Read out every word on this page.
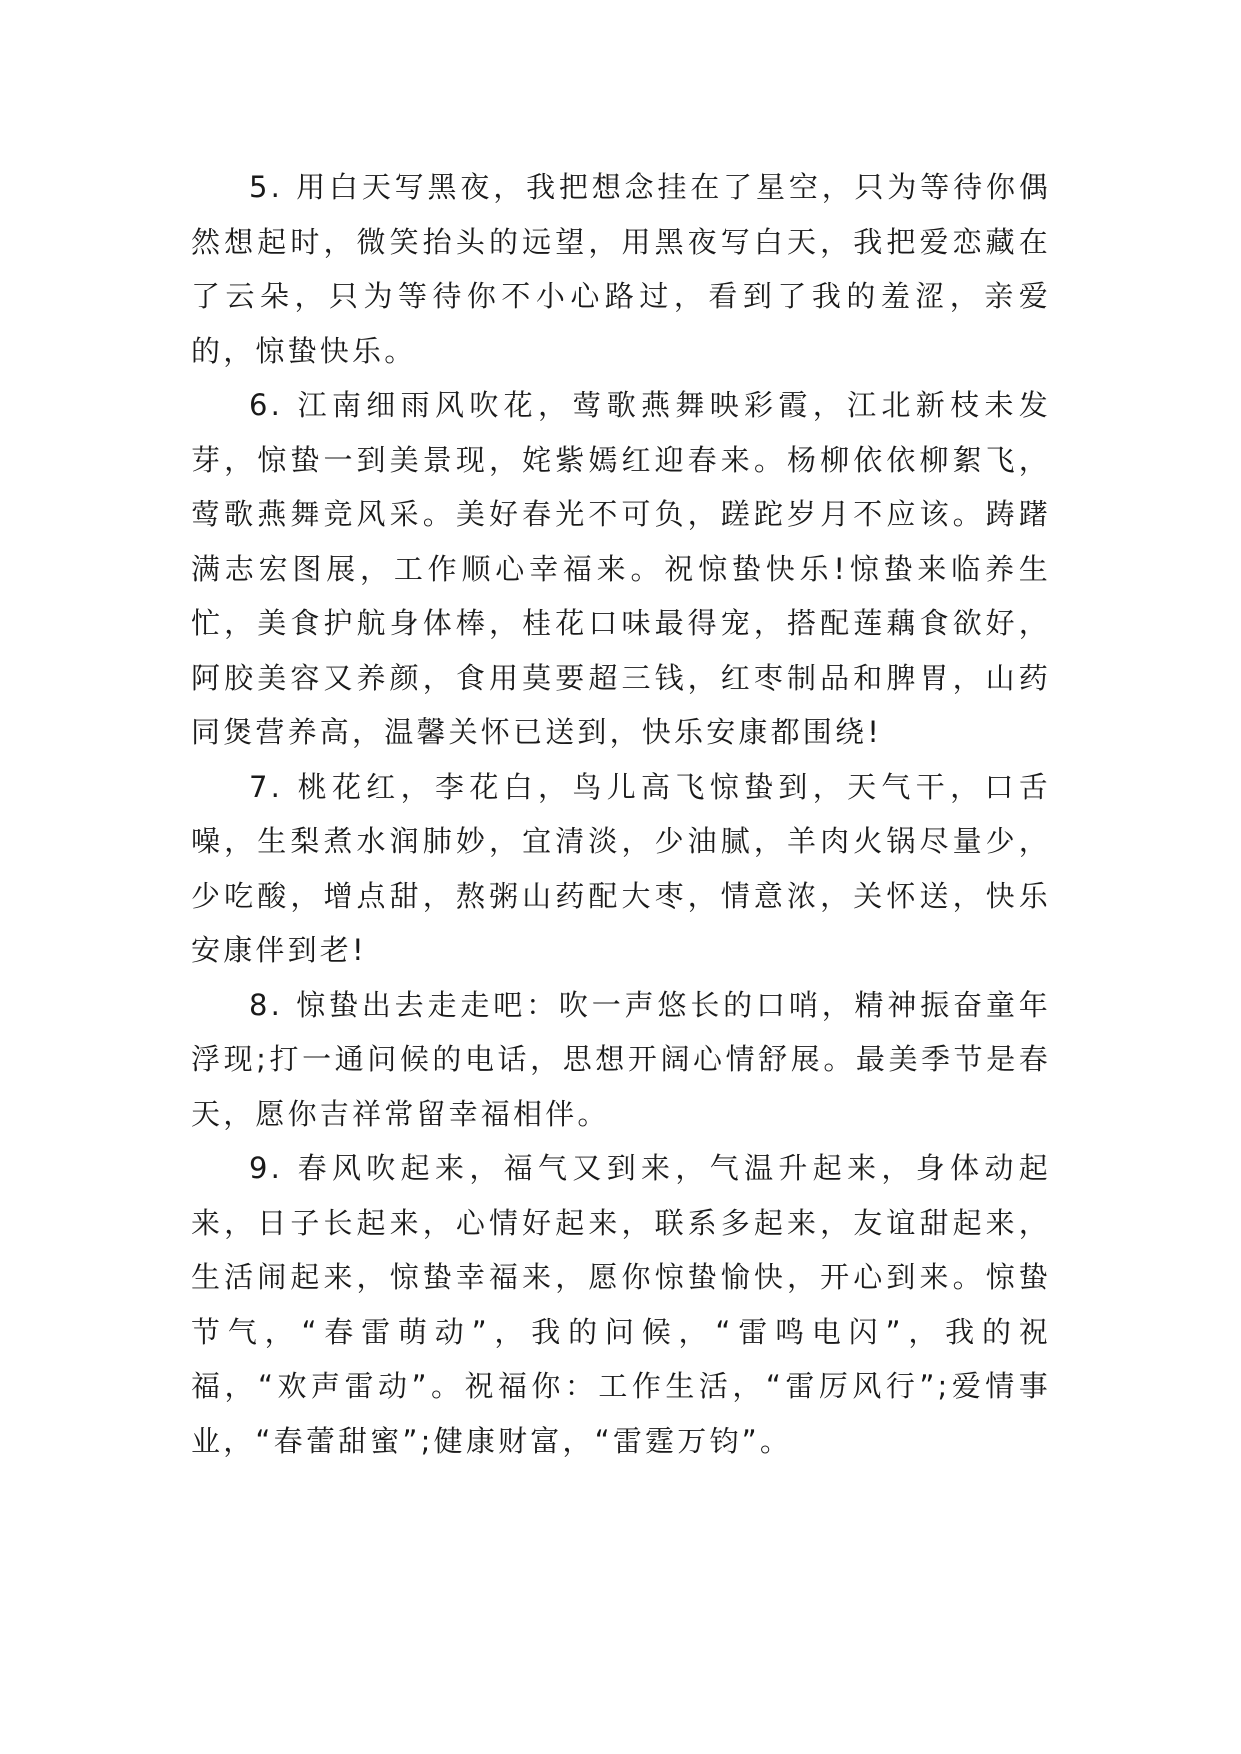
5. 用白天写黑夜，我把想念挂在了星空，只为等待你偶然想起时，微笑抬头的远望，用黑夜写白天，我把爱恋藏在了云朵，只为等待你不小心路过，看到了我的羞涩，亲爱的，惊蛰快乐。

6. 江南细雨风吹花，莺歌燕舞映彩霞，江北新枝未发芽，惊蛰一到美景现，姹紫嫣红迎春来。杨柳依依柳絮飞，莺歌燕舞竞风采。美好春光不可负，蹉跎岁月不应该。踌躇满志宏图展，工作顺心幸福来。祝惊蛰快乐!惊蛰来临养生忙，美食护航身体棒，桂花口味最得宠，搭配莲藕食欲好，阿胶美容又养颜，食用莫要超三钱，红枣制品和脾胃，山药同煲营养高，温馨关怀已送到，快乐安康都围绕!

7. 桃花红，李花白，鸟儿高飞惊蛰到，天气干，口舌噪，生梨煮水润肺妙，宜清淡，少油腻，羊肉火锅尽量少，少吃酸，增点甜，熬粥山药配大枣，情意浓，关怀送，快乐安康伴到老!

8. 惊蛰出去走走吧：吹一声悠长的口哨，精神振奋童年浮现;打一通问候的电话，思想开阔心情舒展。最美季节是春天，愿你吉祥常留幸福相伴。

9. 春风吹起来，福气又到来，气温升起来，身体动起来，日子长起来，心情好起来，联系多起来，友谊甜起来，生活闹起来，惊蛰幸福来，愿你惊蛰愉快，开心到来。惊蛰节气，“春雷萌动”，我的问候，“雷鸣电闪”，我的祝福，“欢声雷动”。祝福你：工作生活，“雷厉风行”;爱情事业，“春蕾甜蜜”;健康财富，“雷霆万钧”。
